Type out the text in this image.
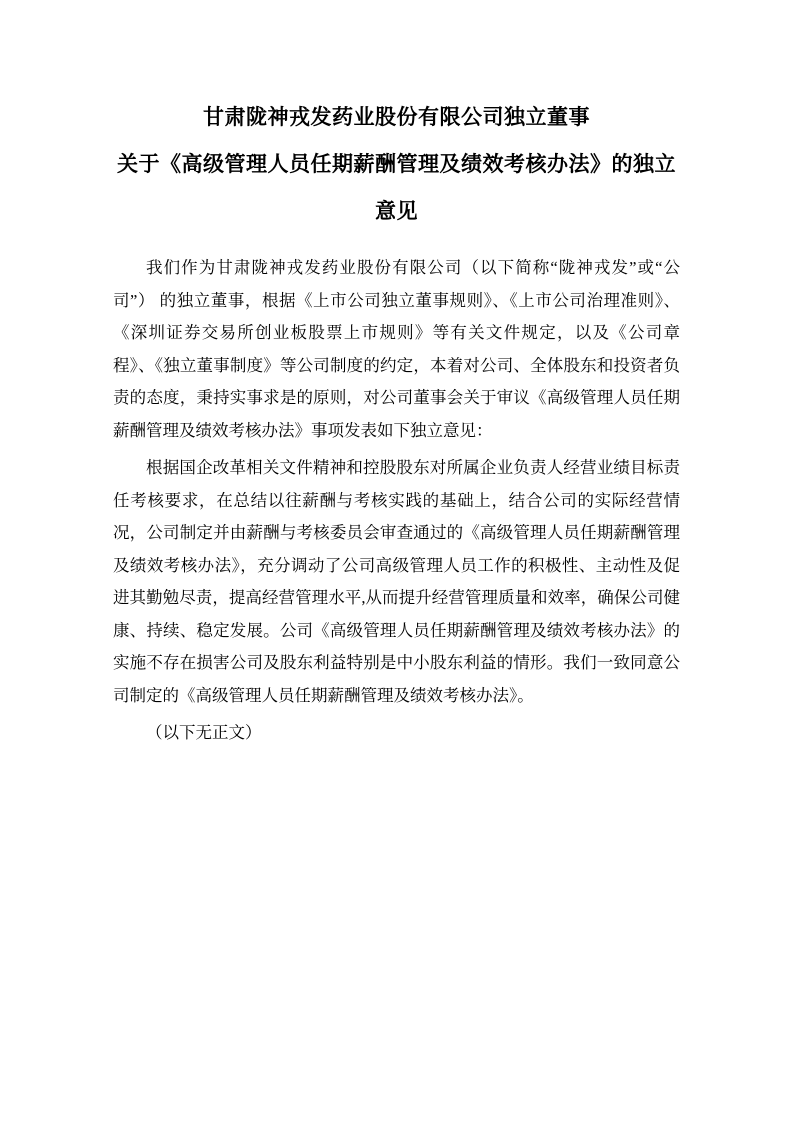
甘肃陇神戎发药业股份有限公司独立董事
关于《高级管理人员任期薪酬管理及绩效考核办法》的独立
意见

我们作为甘肃陇神戎发药业股份有限公司（以下简称“陇神戎发”或“公司”） 的独立董事，根据《上市公司独立董事规则》、《上市公司治理准则》、《深圳证券交易所创业板股票上市规则》等有关文件规定，以及《公司章程》、《独立董事制度》等公司制度的约定，本着对公司、全体股东和投资者负责的态度，秉持实事求是的原则，对公司董事会关于审议《高级管理人员任期薪酬管理及绩效考核办法》事项发表如下独立意见：

根据国企改革相关文件精神和控股股东对所属企业负责人经营业绩目标责任考核要求，在总结以往薪酬与考核实践的基础上，结合公司的实际经营情况，公司制定并由薪酬与考核委员会审查通过的《高级管理人员任期薪酬管理及绩效考核办法》，充分调动了公司高级管理人员工作的积极性、主动性及促进其勤勉尽责，提高经营管理水平,从而提升经营管理质量和效率，确保公司健康、持续、稳定发展。公司《高级管理人员任期薪酬管理及绩效考核办法》的实施不存在损害公司及股东利益特别是中小股东利益的情形。我们一致同意公司制定的《高级管理人员任期薪酬管理及绩效考核办法》。

（以下无正文）
